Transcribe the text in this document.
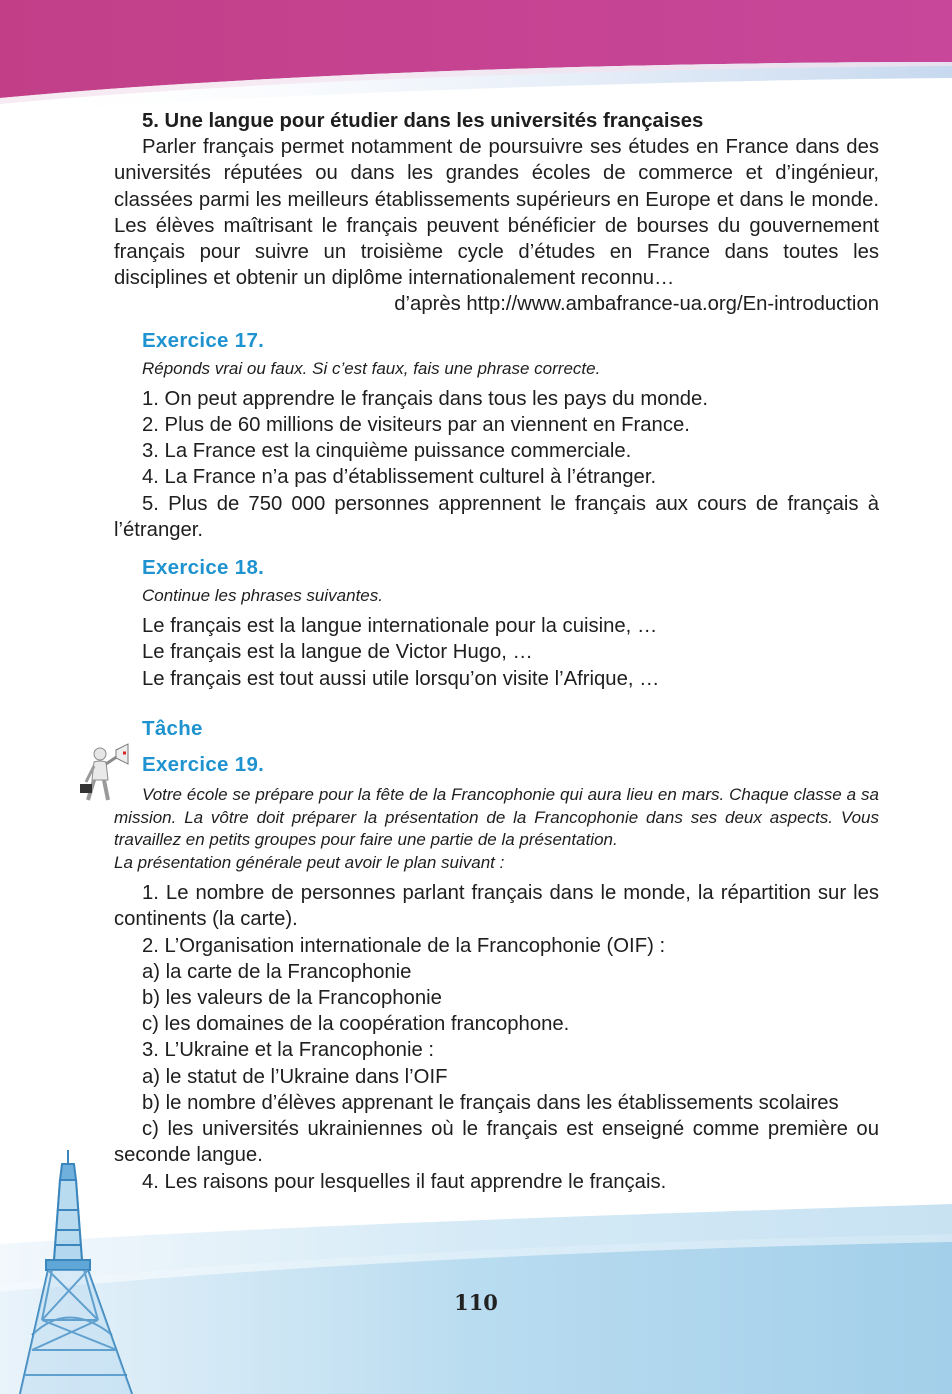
5. Une langue pour étudier dans les universités françaises

Parler français permet notamment de poursuivre ses études en France dans des universités réputées ou dans les grandes écoles de commerce et d’ingénieur, classées parmi les meilleurs établissements supérieurs en Europe et dans le monde. Les élèves maîtrisant le français peuvent bénéficier de bourses du gouvernement français pour suivre un troisième cycle d’études en France dans toutes les disciplines et obtenir un diplôme internationalement reconnu…

d’après http://www.ambafrance-ua.org/En-introduction

Exercice 17.

Réponds vrai ou faux. Si c’est faux, fais une phrase correcte.

1. On peut apprendre le français dans tous les pays du monde.

2. Plus de 60 millions de visiteurs par an viennent en France.

3. La France est la cinquième puissance commerciale.

4. La France n’a pas d’établissement culturel à l’étranger.

5. Plus de 750 000 personnes apprennent le français aux cours de français à l’étranger.

Exercice 18.

Continue les phrases suivantes.

Le français est la langue internationale pour la cuisine, …

Le français est la langue de Victor Hugo, …

Le français est tout aussi utile lorsqu’on visite l’Afrique, …

Tâche

Exercice 19.

Votre école se prépare pour la fête de la Francophonie qui aura lieu en mars. Chaque classe a sa mission. La vôtre doit préparer la présentation de la Francophonie dans ses deux aspects. Vous travaillez en petits groupes pour faire une partie de la présentation.

La présentation générale peut avoir le plan suivant :

1. Le nombre de personnes parlant français dans le monde, la répartition sur les continents (la carte).

2. L’Organisation internationale de la Francophonie (OIF) :

a) la carte de la Francophonie

b) les valeurs de la Francophonie

c) les domaines de la coopération francophone.

3. L’Ukraine et la Francophonie :

a) le statut de l’Ukraine dans l’OIF

b) le nombre d’élèves apprenant le français dans les établissements scolaires

c) les universités ukrainiennes où le français est enseigné comme première ou seconde langue.

4. Les raisons pour lesquelles il faut apprendre le français.

110
